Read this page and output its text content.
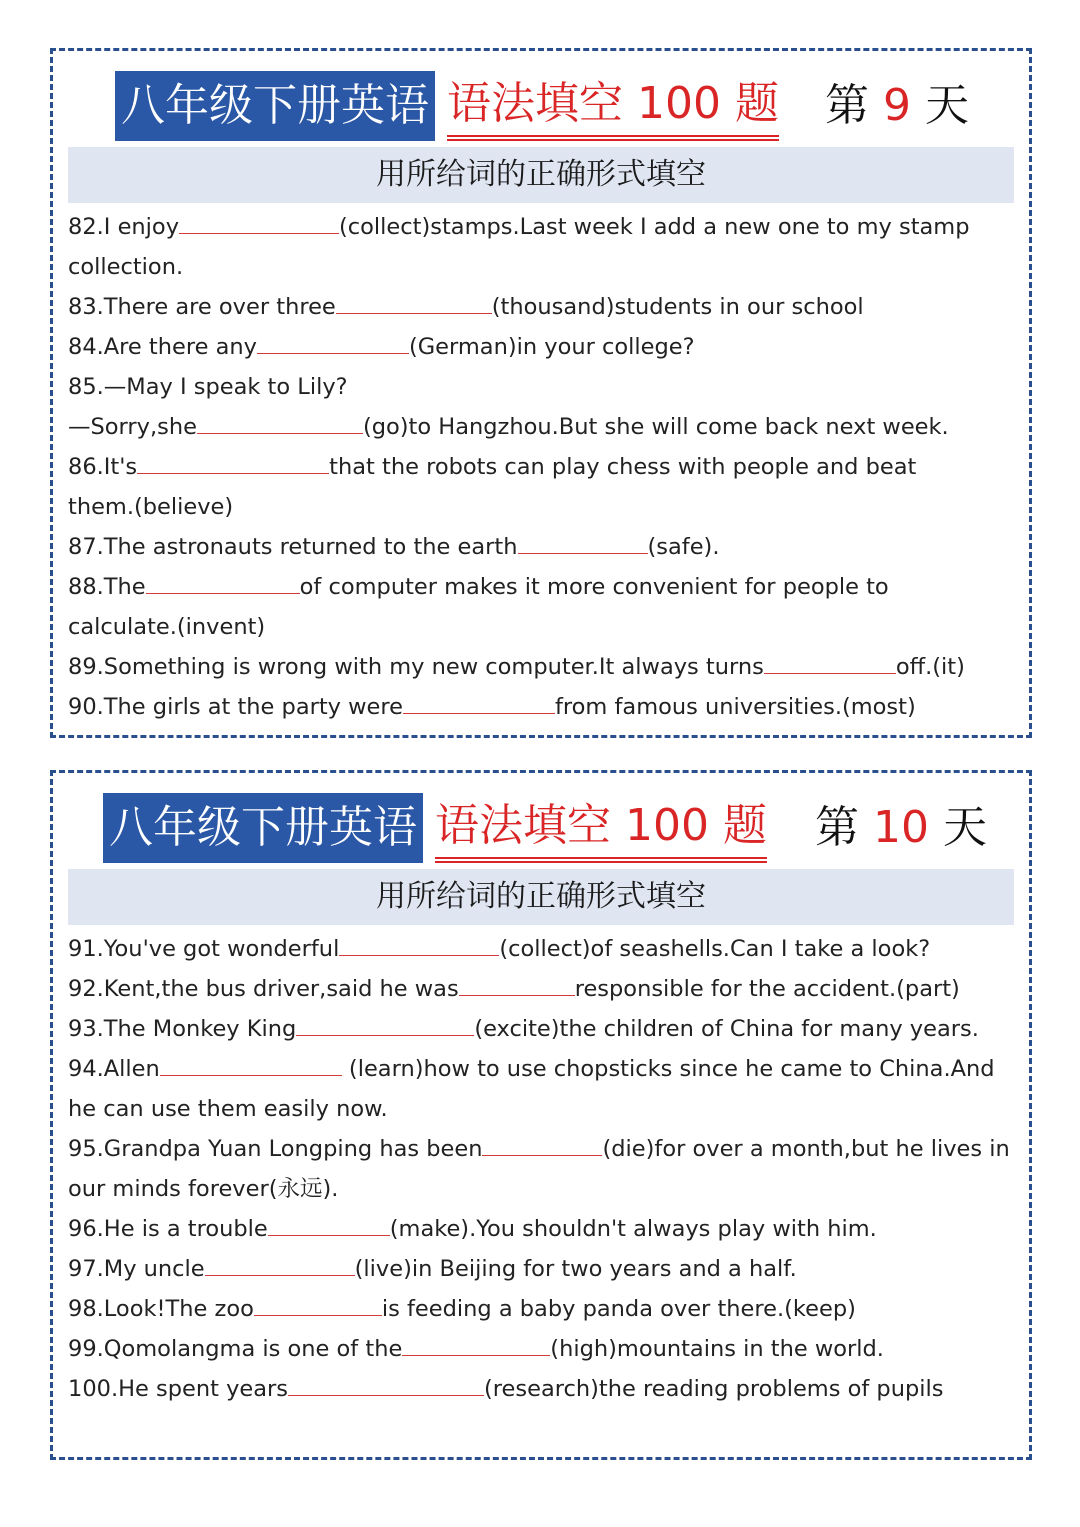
八年级下册英语 语法填空 100 题 第 9 天
用所给词的正确形式填空
82.I enjoy	(collect)stamps.Last week I add a new one to my stamp
collection.
83.There are over three	(thousand)students in our school
84.Are there any	(German)in your college?
85.—May I speak to Lily?
—Sorry,she	(go)to Hangzhou.But she will come back next week.
86.It's	that the robots can play chess with people and beat
them.(believe)
87.The astronauts returned to the earth	(safe).
88.The	of computer makes it more convenient for people to
calculate.(invent)
89.Something is wrong with my new computer.It always turns	off.(it)
90.The girls at the party were	from famous universities.(most)
八年级下册英语 语法填空 100 题 第 10 天
用所给词的正确形式填空
91.You've got wonderful	(collect)of seashells.Can I take a look?
92.Kent,the bus driver,said he was	responsible for the accident.(part)
93.The Monkey King	(excite)the children of China for many years.
94.Allen	(learn)how to use chopsticks since he came to China.And
he can use them easily now.
95.Grandpa Yuan Longping has been	(die)for over a month,but he lives in
our minds forever(永远).
96.He is a trouble	(make).You shouldn't always play with him.
97.My uncle	(live)in Beijing for two years and a half.
98.Look!The zoo	is feeding a baby panda over there.(keep)
99.Qomolangma is one of the	(high)mountains in the world.
100.He spent years	(research)the reading problems of pupils
